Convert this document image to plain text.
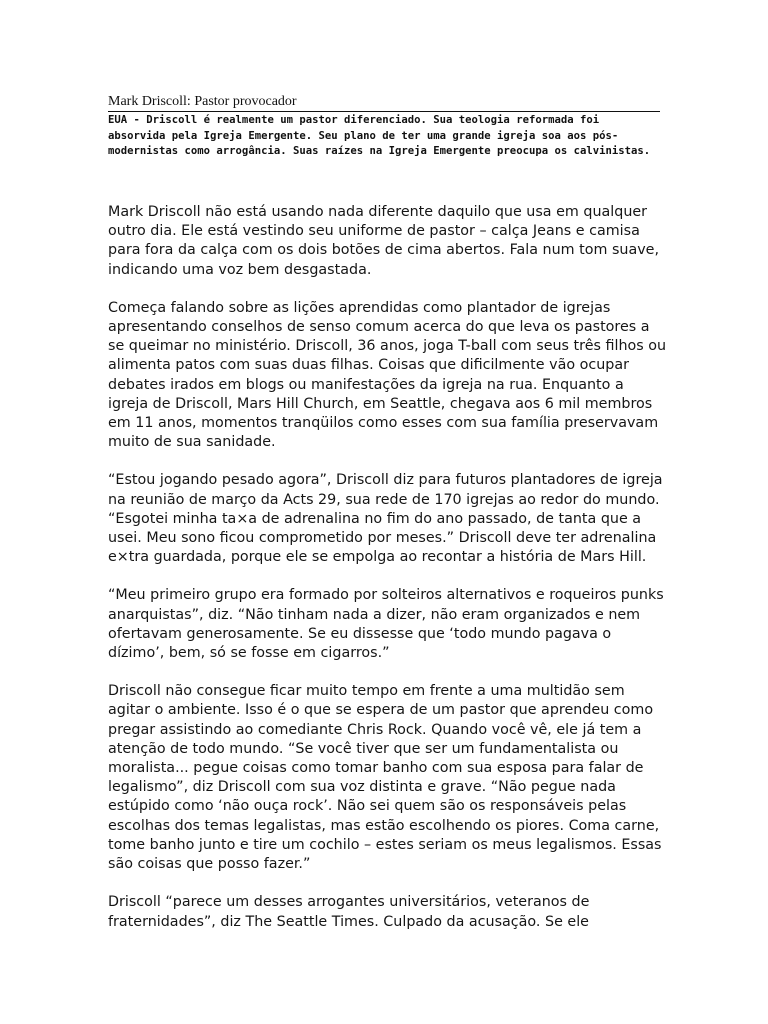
Mark Driscoll: Pastor provocador

EUA - Driscoll é realmente um pastor diferenciado. Sua teologia reformada foi absorvida pela Igreja Emergente. Seu plano de ter uma grande igreja soa aos pós-modernistas como arrogância. Suas raízes na Igreja Emergente preocupa os calvinistas.

Mark Driscoll não está usando nada diferente daquilo que usa em qualquer outro dia. Ele está vestindo seu uniforme de pastor – calça Jeans e camisa para fora da calça com os dois botões de cima abertos. Fala num tom suave, indicando uma voz bem desgastada.

Começa falando sobre as lições aprendidas como plantador de igrejas apresentando conselhos de senso comum acerca do que leva os pastores a se queimar no ministério. Driscoll, 36 anos, joga T-ball com seus três filhos ou alimenta patos com suas duas filhas. Coisas que dificilmente vão ocupar debates irados em blogs ou manifestações da igreja na rua. Enquanto a igreja de Driscoll, Mars Hill Church, em Seattle, chegava aos 6 mil membros em 11 anos, momentos tranqüilos como esses com sua família preservavam muito de sua sanidade.

“Estou jogando pesado agora”, Driscoll diz para futuros plantadores de igreja na reunião de março da Acts 29, sua rede de 170 igrejas ao redor do mundo. “Esgotei minha ta×a de adrenalina no fim do ano passado, de tanta que a usei. Meu sono ficou comprometido por meses.” Driscoll deve ter adrenalina e×tra guardada, porque ele se empolga ao recontar a história de Mars Hill.

“Meu primeiro grupo era formado por solteiros alternativos e roqueiros punks anarquistas”, diz. “Não tinham nada a dizer, não eram organizados e nem ofertavam generosamente. Se eu dissesse que ‘todo mundo pagava o dízimo’, bem, só se fosse em cigarros.”

Driscoll não consegue ficar muito tempo em frente a uma multidão sem agitar o ambiente. Isso é o que se espera de um pastor que aprendeu como pregar assistindo ao comediante Chris Rock. Quando você vê, ele já tem a atenção de todo mundo. “Se você tiver que ser um fundamentalista ou moralista... pegue coisas como tomar banho com sua esposa para falar de legalismo”, diz Driscoll com sua voz distinta e grave. “Não pegue nada estúpido como ‘não ouça rock’. Não sei quem são os responsáveis pelas escolhas dos temas legalistas, mas estão escolhendo os piores. Coma carne, tome banho junto e tire um cochilo – estes seriam os meus legalismos. Essas são coisas que posso fazer.”

Driscoll “parece um desses arrogantes universitários, veteranos de fraternidades”, diz The Seattle Times. Culpado da acusação. Se ele
